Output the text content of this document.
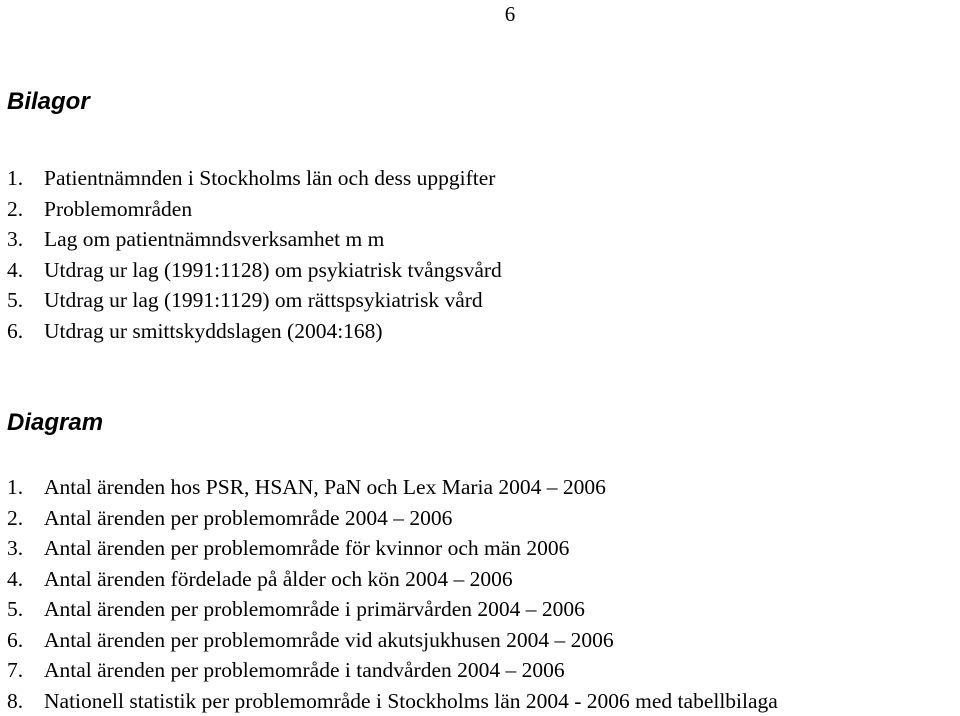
6
Bilagor
1. Patientnämnden i Stockholms län och dess uppgifter
2. Problemområden
3. Lag om patientnämndsverksamhet m m
4. Utdrag ur lag (1991:1128) om psykiatrisk tvångsvård
5. Utdrag ur lag (1991:1129) om rättspsykiatrisk vård
6. Utdrag ur smittskyddslagen (2004:168)
Diagram
1. Antal ärenden hos PSR, HSAN, PaN och Lex Maria 2004 – 2006
2. Antal ärenden per problemområde 2004 – 2006
3. Antal ärenden per problemområde för kvinnor och män 2006
4. Antal ärenden fördelade på ålder och kön 2004 – 2006
5. Antal ärenden per problemområde i primärvården 2004 – 2006
6. Antal ärenden per problemområde vid akutsjukhusen 2004 – 2006
7. Antal ärenden per problemområde i tandvården 2004 – 2006
8. Nationell statistik per problemområde i Stockholms län 2004 - 2006 med tabellbilaga
